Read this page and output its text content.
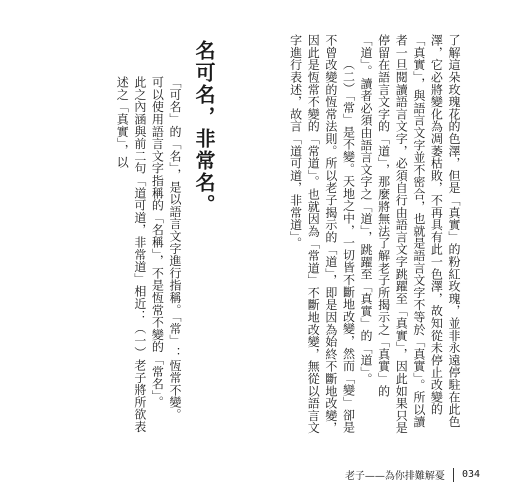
了解這朵玫瑰花的色澤，但是「真實」的粉紅玫瑰，並非永遠停駐在此色澤，它必將變化為凋萎枯敗，不再具有此一色澤，故知從未停止改變的「真實」，與語言文字並不密合，也就是語言文字不等於「真實」。所以讀者一旦閱讀語言文字，必須自行由語言文字跳躍至「真實」，因此如果只是停留在語言文字的「道」，那麼將無法了解老子所揭示之「真實」的「道」。讀者必須由語言文字之「道」，跳躍至「真實」的「道」。

（二）「常」是不變。天地之中，一切皆不斷地改變，然而「變」卻是不曾改變的恆常法則。所以老子揭示的「道」，即是因為始終不斷地改變，因此是恆常不變的「常道」。也就因為「常道」不斷地改變，無從以語言文字進行表述，故言「道可道，非常道」。

名可名，非常名。

「可名」的「名」，是以語言文字進行指稱。「常」：恆常不變。

可以使用語言文字指稱的「名稱」，不是恆常不變的「常名」。

此之內涵與前二句「道可道，非常道」相近：（一）老子將所欲表述之「真實」，以

老子——為你排難解憂 034
